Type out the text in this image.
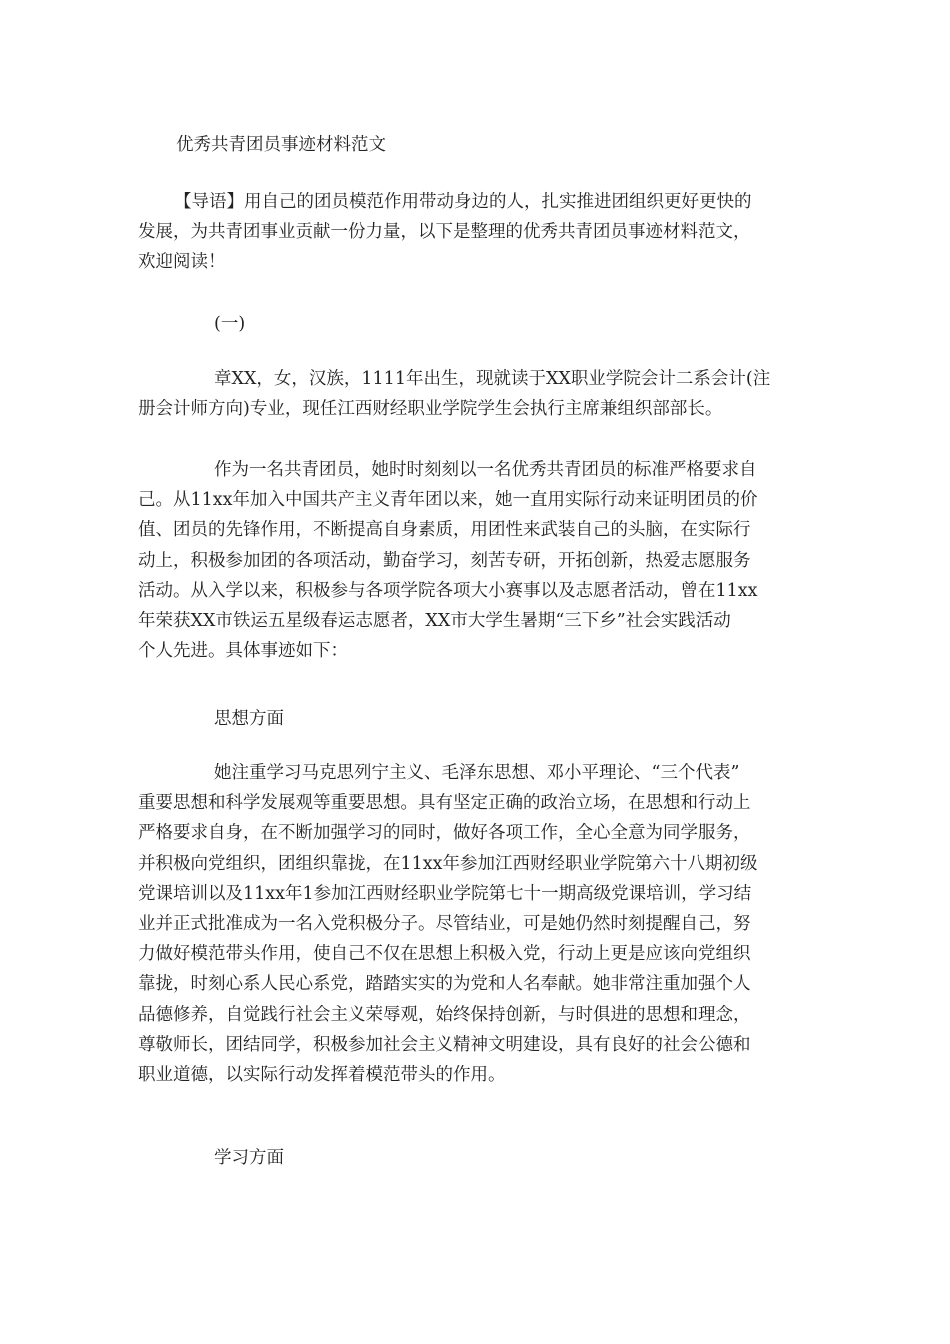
优秀共青团员事迹材料范文
【导语】用自己的团员模范作用带动身边的人，扎实推进团组织更好更快的
发展，为共青团事业贡献一份力量，以下是整理的优秀共青团员事迹材料范文，
欢迎阅读！
(一)
章XX，女，汉族，1111年出生，现就读于XX职业学院会计二系会计(注
册会计师方向)专业，现任江西财经职业学院学生会执行主席兼组织部部长。
作为一名共青团员，她时时刻刻以一名优秀共青团员的标准严格要求自
己。从11xx年加入中国共产主义青年团以来，她一直用实际行动来证明团员的价
值、团员的先锋作用，不断提高自身素质，用团性来武装自己的头脑，在实际行
动上，积极参加团的各项活动，勤奋学习，刻苦专研，开拓创新，热爱志愿服务
活动。从入学以来，积极参与各项学院各项大小赛事以及志愿者活动，曾在11xx
年荣获XX市铁运五星级春运志愿者，XX市大学生暑期“三下乡”社会实践活动
个人先进。具体事迹如下：
思想方面
她注重学习马克思列宁主义、毛泽东思想、邓小平理论、“三个代表”
重要思想和科学发展观等重要思想。具有坚定正确的政治立场，在思想和行动上
严格要求自身，在不断加强学习的同时，做好各项工作，全心全意为同学服务，
并积极向党组织，团组织靠拢，在11xx年参加江西财经职业学院第六十八期初级
党课培训以及11xx年1参加江西财经职业学院第七十一期高级党课培训，学习结
业并正式批准成为一名入党积极分子。尽管结业，可是她仍然时刻提醒自己，努
力做好模范带头作用，使自己不仅在思想上积极入党，行动上更是应该向党组织
靠拢，时刻心系人民心系党，踏踏实实的为党和人名奉献。她非常注重加强个人
品德修养，自觉践行社会主义荣辱观，始终保持创新，与时俱进的思想和理念，
尊敬师长，团结同学，积极参加社会主义精神文明建设，具有良好的社会公德和
职业道德，以实际行动发挥着模范带头的作用。
学习方面
